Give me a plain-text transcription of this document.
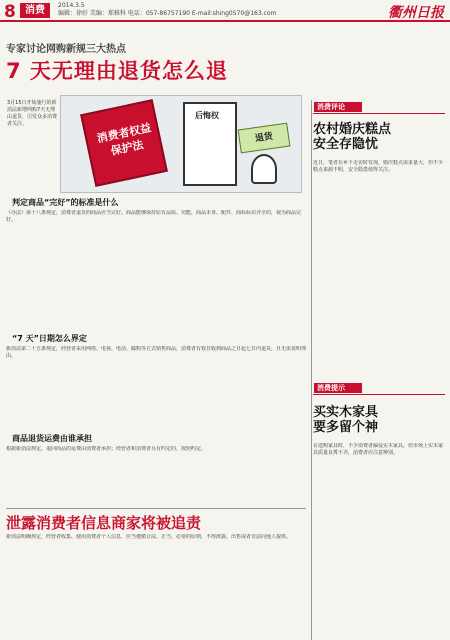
8 消费	2014.3.5
编辑：徐好 美编：郑雅科 电话：057-86757190 E-mail:shing0570@163.com	衢州日报
专家讨论网购新规三大热点
7 天无理由退货怎么退
3月15日开始施行的新消法新增网购7天无理由退货，引发众多消费者关注。	消费者权益保护法
后悔权
退货
判定商品“完好”的标准是什么
《办法》第十八条规定，消费者退货的商品应当完好。商品能够保持原有品质、功能，商品本身、配件、商标标识齐全的，视为商品完好。
“7 天”日期怎么界定
新消法第二十五条规定，经营者采用网络、电视、电话、邮购等方式销售商品，消费者有权自收到商品之日起七日内退货，且无需说明理由。
商品退货运费由谁承担
根据新消法规定，退回商品的运费由消费者承担；经营者和消费者另有约定的，按照约定。
泄露消费者信息商家将被追责
新消法明确规定，经营者收集、使用消费者个人信息，应当遵循合法、正当、必要的原则，不得泄露、出售或者非法向他人提供。
消费评论
农村婚庆糕点
安全存隐忧
近日，笔者在乡下走访时发现，婚庆糕点需求量大，但不少糕点来源不明，安全隐患值得关注。
消费提示
买实木家具
要多留个神
在选购家具时，不少消费者偏爱实木家具，但市场上实木家具质量良莠不齐，消费者应注意辨别。
